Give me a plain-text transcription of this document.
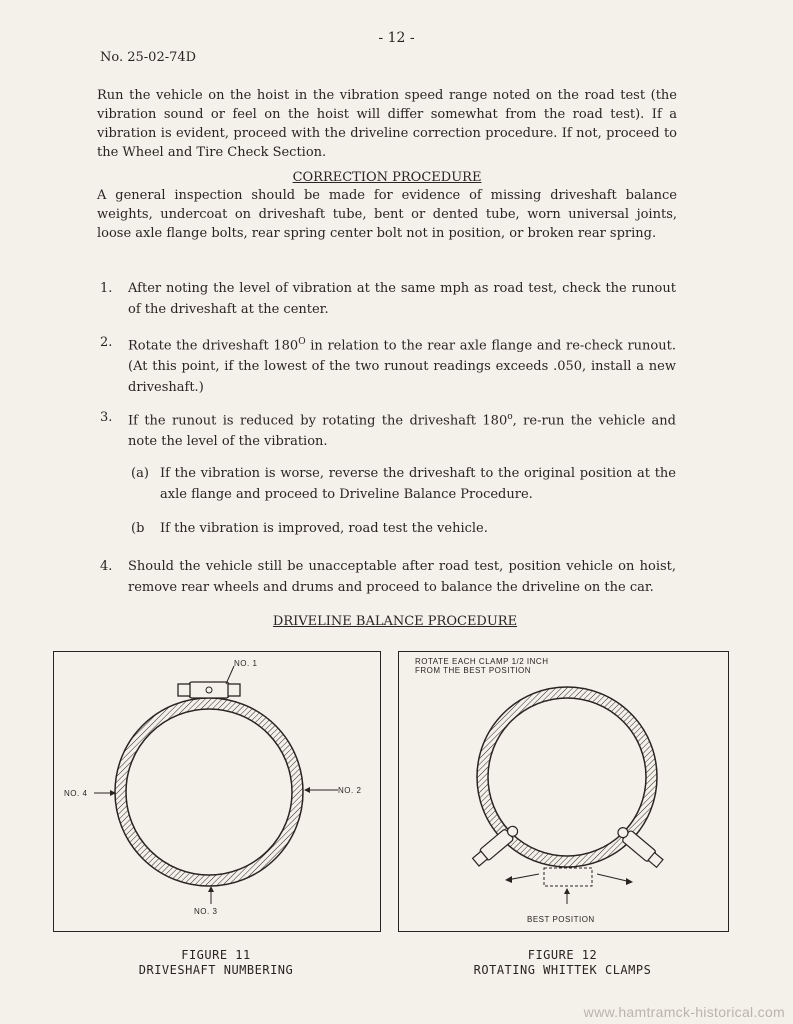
- 12 -
No. 25-02-74D
Run the vehicle on the hoist in the vibration speed range noted on the road test (the vibration sound or feel on the hoist will differ somewhat from the road test). If a vibration is evident, proceed with the driveline correction procedure. If not, proceed to the Wheel and Tire Check Section.
CORRECTION PROCEDURE
A general inspection should be made for evidence of missing driveshaft balance weights, undercoat on driveshaft tube, bent or dented tube, worn universal joints, loose axle flange bolts, rear spring center bolt not in position, or broken rear spring.
1. After noting the level of vibration at the same mph as road test, check the runout of the driveshaft at the center.
2. Rotate the driveshaft $180^O$ in relation to the rear axle flange and re-check runout. (At this point, if the lowest of the two runout readings exceeds .050, install a new driveshaft.)
3. If the runout is reduced by rotating the driveshaft 180$^o$, re-run the vehicle and note the level of the vibration.
(a) If the vibration is worse, reverse the driveshaft to the original position at the axle flange and proceed to Driveline Balance Procedure.
(b If the vibration is improved, road test the vehicle.
4. Should the vehicle still be unacceptable after road test, position vehicle on hoist, remove rear wheels and drums and proceed to balance the driveline on the car.
DRIVELINE BALANCE PROCEDURE
NO. 1
NO. 2
NO. 4
NO. 3
ROTATE EACH CLAMP 1/2 INCH
FROM THE BEST POSITION
BEST POSITION
FIGURE 11
DRIVESHAFT NUMBERING
FIGURE 12
ROTATING WHITTEK CLAMPS
www.hamtramck-historical.com
